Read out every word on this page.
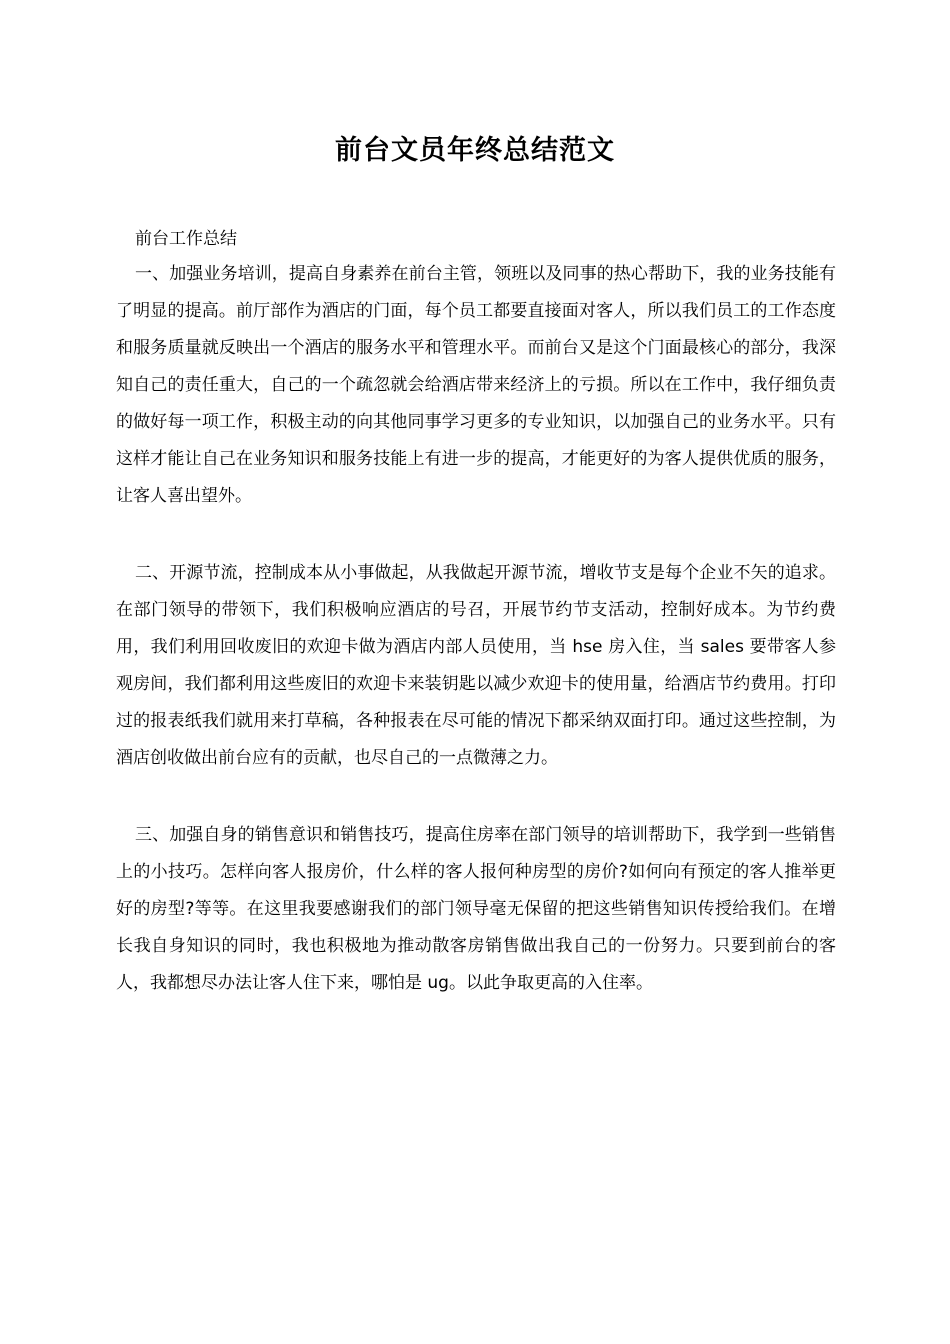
前台文员年终总结范文
前台工作总结

一、加强业务培训，提高自身素养在前台主管，领班以及同事的热心帮助下，我的业务技能有了明显的提高。前厅部作为酒店的门面，每个员工都要直接面对客人，所以我们员工的工作态度和服务质量就反映出一个酒店的服务水平和管理水平。而前台又是这个门面最核心的部分，我深知自己的责任重大，自己的一个疏忽就会给酒店带来经济上的亏损。所以在工作中，我仔细负责的做好每一项工作，积极主动的向其他同事学习更多的专业知识，以加强自己的业务水平。只有这样才能让自己在业务知识和服务技能上有进一步的提高，才能更好的为客人提供优质的服务，让客人喜出望外。

二、开源节流，控制成本从小事做起，从我做起开源节流，增收节支是每个企业不矢的追求。在部门领导的带领下，我们积极响应酒店的号召，开展节约节支活动，控制好成本。为节约费用，我们利用回收废旧的欢迎卡做为酒店内部人员使用，当 hse 房入住，当 sales 要带客人参观房间，我们都利用这些废旧的欢迎卡来装钥匙以减少欢迎卡的使用量，给酒店节约费用。打印过的报表纸我们就用来打草稿，各种报表在尽可能的情况下都采纳双面打印。通过这些控制，为酒店创收做出前台应有的贡献，也尽自己的一点微薄之力。

三、加强自身的销售意识和销售技巧，提高住房率在部门领导的培训帮助下，我学到一些销售上的小技巧。怎样向客人报房价，什么样的客人报何种房型的房价?如何向有预定的客人推举更好的房型?等等。在这里我要感谢我们的部门领导毫无保留的把这些销售知识传授给我们。在增长我自身知识的同时，我也积极地为推动散客房销售做出我自己的一份努力。只要到前台的客人，我都想尽办法让客人住下来，哪怕是 ug。以此争取更高的入住率。
